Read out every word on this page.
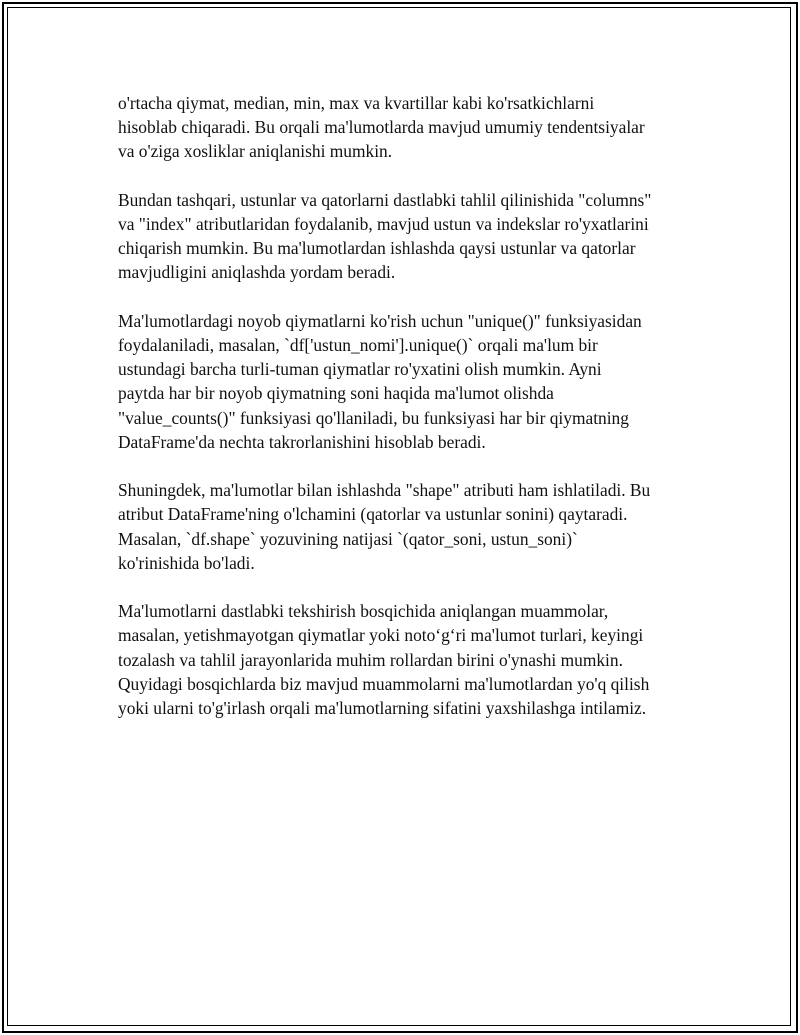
o'rtacha qiymat, median, min, max va kvartillar kabi ko'rsatkichlarni
hisoblab chiqaradi. Bu orqali ma'lumotlarda mavjud umumiy tendentsiyalar
va o'ziga xosliklar aniqlanishi mumkin.

Bundan tashqari, ustunlar va qatorlarni dastlabki tahlil qilinishida "columns"
va "index" atributlaridan foydalanib, mavjud ustun va indekslar ro'yxatlarini
chiqarish mumkin. Bu ma'lumotlardan ishlashda qaysi ustunlar va qatorlar
mavjudligini aniqlashda yordam beradi.

Ma'lumotlardagi noyob qiymatlarni ko'rish uchun "unique()" funksiyasidan
foydalaniladi, masalan, `df['ustun_nomi'].unique()` orqali ma'lum bir
ustundagi barcha turli-tuman qiymatlar ro'yxatini olish mumkin. Ayni
paytda har bir noyob qiymatning soni haqida ma'lumot olishda
"value_counts()" funksiyasi qo'llaniladi, bu funksiyasi har bir qiymatning
DataFrame'da nechta takrorlanishini hisoblab beradi.

Shuningdek, ma'lumotlar bilan ishlashda "shape" atributi ham ishlatiladi. Bu
atribut DataFrame'ning o'lchamini (qatorlar va ustunlar sonini) qaytaradi.
Masalan, `df.shape` yozuvining natijasi `(qator_soni, ustun_soni)`
ko'rinishida bo'ladi.

Ma'lumotlarni dastlabki tekshirish bosqichida aniqlangan muammolar,
masalan, yetishmayotgan qiymatlar yoki noto‘g‘ri ma'lumot turlari, keyingi
tozalash va tahlil jarayonlarida muhim rollardan birini o'ynashi mumkin.
Quyidagi bosqichlarda biz mavjud muammolarni ma'lumotlardan yo'q qilish
yoki ularni to'g'irlash orqali ma'lumotlarning sifatini yaxshilashga intilamiz.
